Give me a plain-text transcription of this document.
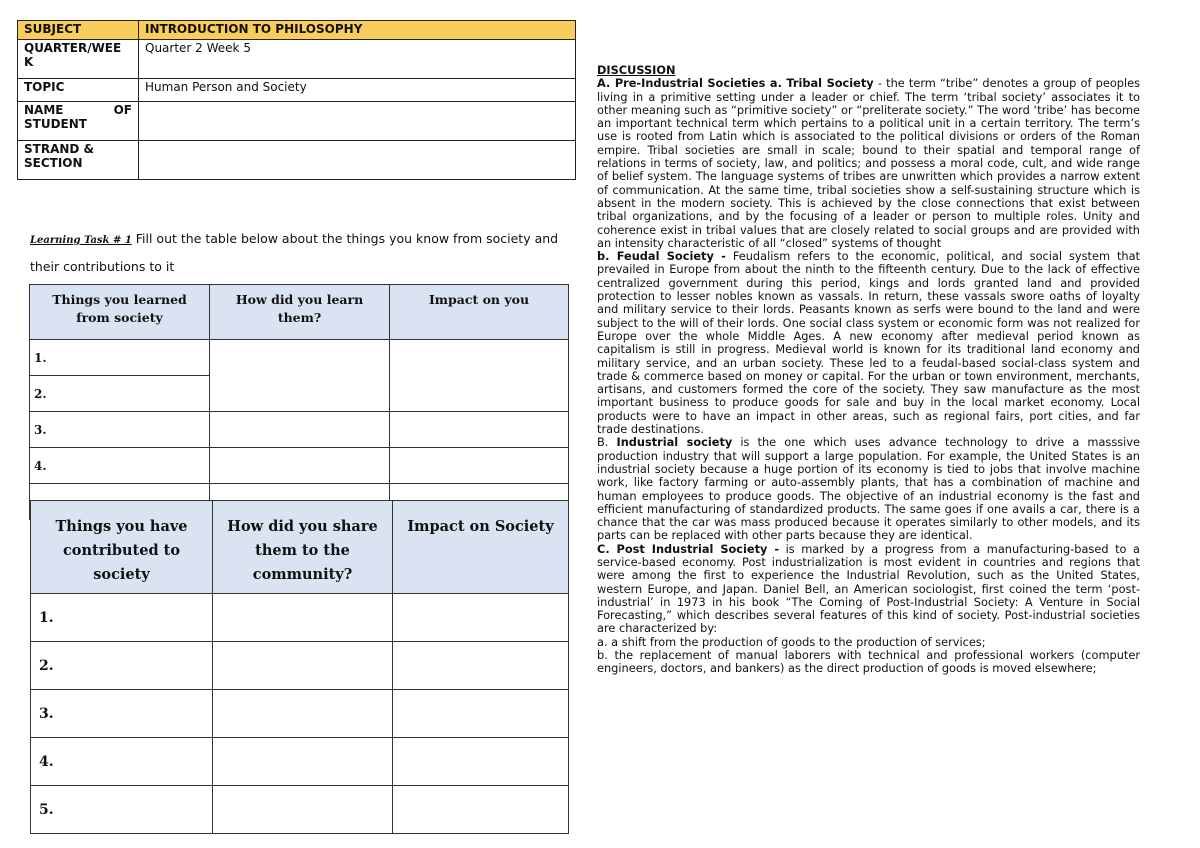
SUBJECT	INTRODUCTION TO PHILOSOPHY
QUARTER/WEE K	Quarter 2 Week 5
TOPIC	Human Person and Society

NAME OF
STUDENT	

STRAND & SECTION	
Learning Task # 1 Fill out the table below about the things you know from society and their contributions to it
Things you learned from society	How did you learn them?	Impact on you
1.		
2.		
3.		
4.		

Things you have contributed to society	How did you share them to the community?	Impact on Society
1.		
2.		
3.		
4.		
5.		

DISCUSSION

A. Pre-Industrial Societies a. Tribal Society - the term “tribe” denotes a group of peoples living in a primitive setting under a leader or chief. The term ‘tribal society’ associates it to other meaning such as “primitive society” or “preliterate society.” The word ‘tribe’ has become an important technical term which pertains to a political unit in a certain territory. The term’s use is rooted from Latin which is associated to the political divisions or orders of the Roman empire. Tribal societies are small in scale; bound to their spatial and temporal range of relations in terms of society, law, and politics; and possess a moral code, cult, and wide range of belief system. The language systems of tribes are unwritten which provides a narrow extent of communication. At the same time, tribal societies show a self-sustaining structure which is absent in the modern society. This is achieved by the close connections that exist between tribal organizations, and by the focusing of a leader or person to multiple roles. Unity and coherence exist in tribal values that are closely related to social groups and are provided with an intensity characteristic of all “closed” systems of thought

b. Feudal Society - Feudalism refers to the economic, political, and social system that prevailed in Europe from about the ninth to the fifteenth century. Due to the lack of effective centralized government during this period, kings and lords granted land and provided protection to lesser nobles known as vassals. In return, these vassals swore oaths of loyalty and military service to their lords. Peasants known as serfs were bound to the land and were subject to the will of their lords. One social class system or economic form was not realized for Europe over the whole Middle Ages. A new economy after medieval period known as capitalism is still in progress. Medieval world is known for its traditional land economy and military service, and an urban society. These led to a feudal-based social-class system and trade & commerce based on money or capital. For the urban or town environment, merchants, artisans, and customers formed the core of the society. They saw manufacture as the most important business to produce goods for sale and buy in the local market economy. Local products were to have an impact in other areas, such as regional fairs, port cities, and far trade destinations.

B. Industrial society is the one which uses advance technology to drive a masssive production industry that will support a large population. For example, the United States is an industrial society because a huge portion of its economy is tied to jobs that involve machine work, like factory farming or auto-assembly plants, that has a combination of machine and human employees to produce goods. The objective of an industrial economy is the fast and efficient manufacturing of standardized products. The same goes if one avails a car, there is a chance that the car was mass produced because it operates similarly to other models, and its parts can be replaced with other parts because they are identical.

C. Post Industrial Society - is marked by a progress from a manufacturing-based to a service-based economy. Post industrialization is most evident in countries and regions that were among the first to experience the Industrial Revolution, such as the United States, western Europe, and Japan. Daniel Bell, an American sociologist, first coined the term ‘post-industrial’ in 1973 in his book “The Coming of Post-Industrial Society: A Venture in Social Forecasting,” which describes several features of this kind of society. Post-industrial societies are characterized by:

a. a shift from the production of goods to the production of services;

b. the replacement of manual laborers with technical and professional workers (computer engineers, doctors, and bankers) as the direct production of goods is moved elsewhere;
